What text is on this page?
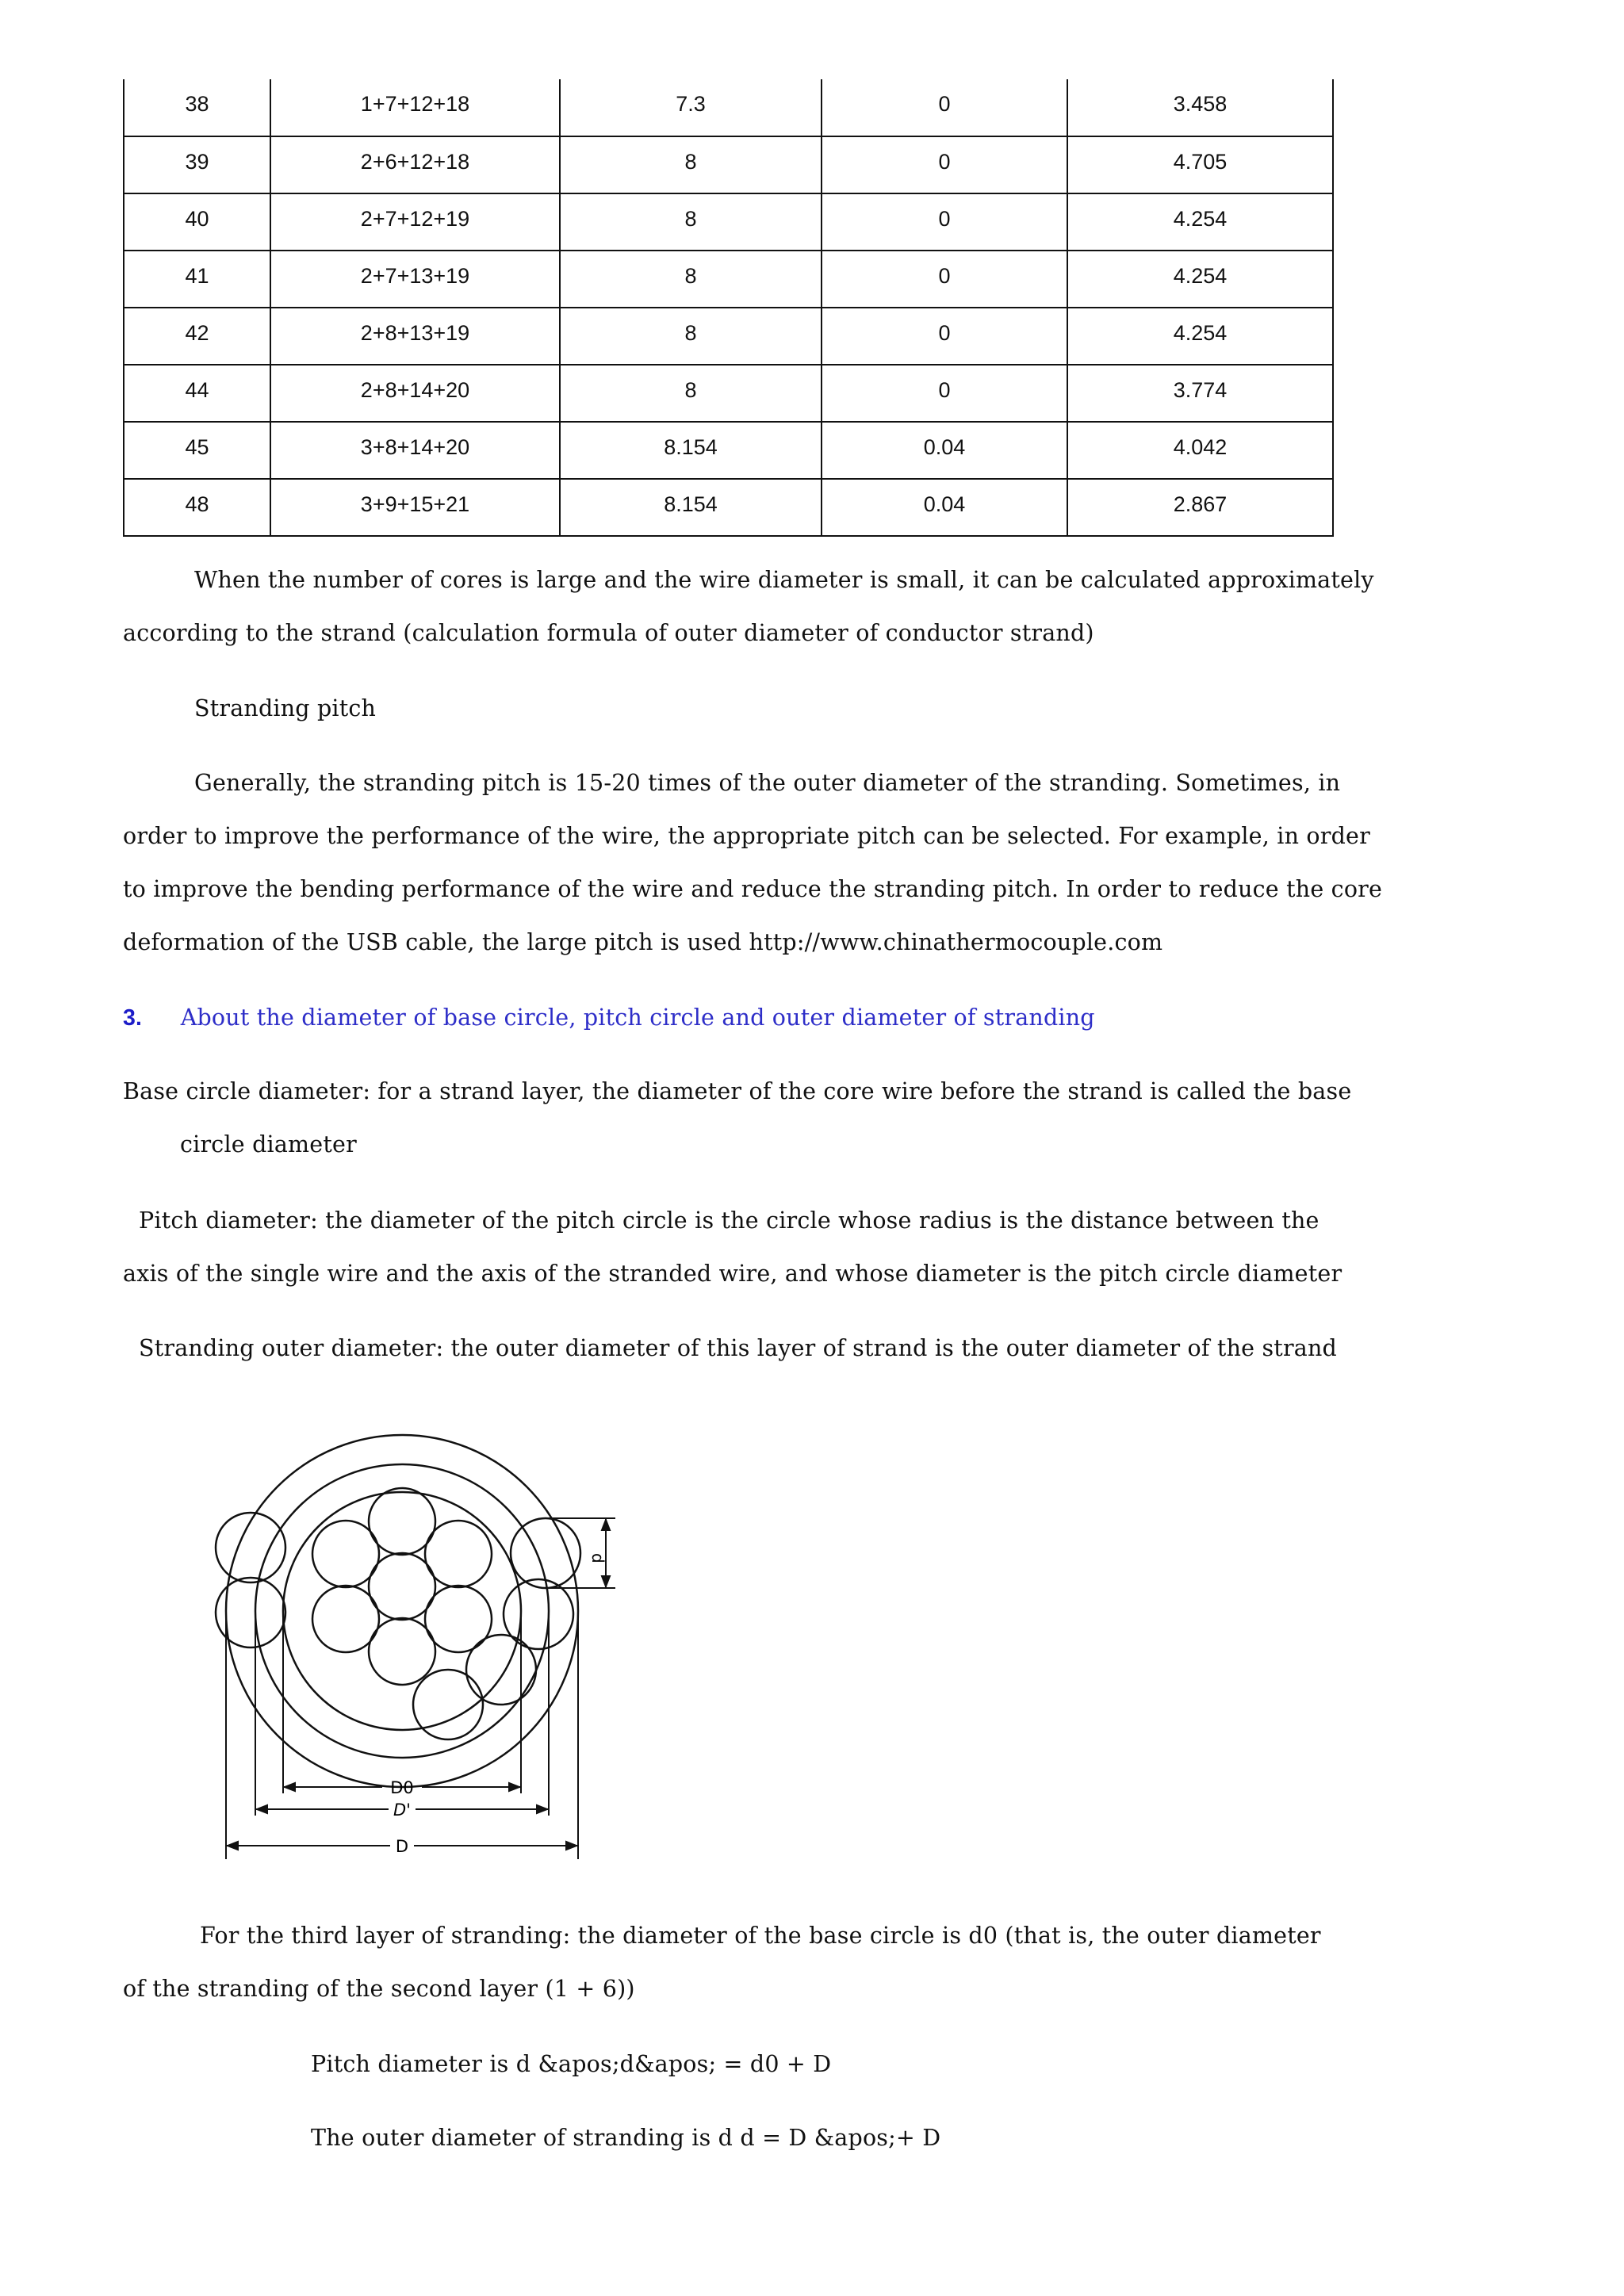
38	1+7+12+18	7.3	0	3.458
39	2+6+12+18	8	0	4.705
40	2+7+12+19	8	0	4.254
41	2+7+13+19	8	0	4.254
42	2+8+13+19	8	0	4.254
44	2+8+14+20	8	0	3.774
45	3+8+14+20	8.154	0.04	4.042
48	3+9+15+21	8.154	0.04	2.867
When the number of cores is large and the wire diameter is small, it can be calculated approximately
according to the strand (calculation formula of outer diameter of conductor strand)
Stranding pitch
Generally, the stranding pitch is 15-20 times of the outer diameter of the stranding. Sometimes, in
order to improve the performance of the wire, the appropriate pitch can be selected. For example, in order
to improve the bending performance of the wire and reduce the stranding pitch. In order to reduce the core
deformation of the USB cable, the large pitch is used http://www.chinathermocouple.com
3. About the diameter of base circle, pitch circle and outer diameter of stranding
Base circle diameter: for a strand layer, the diameter of the core wire before the strand is called the base
circle diameter
Pitch diameter: the diameter of the pitch circle is the circle whose radius is the distance between the
axis of the single wire and the axis of the stranded wire, and whose diameter is the pitch circle diameter
Stranding outer diameter: the outer diameter of this layer of strand is the outer diameter of the strand
d
D0
D'
D
For the third layer of stranding: the diameter of the base circle is d0 (that is, the outer diameter
of the stranding of the second layer (1 + 6))
Pitch diameter is d &apos;d&apos; = d0 + D
The outer diameter of stranding is d d = D &apos;+ D
